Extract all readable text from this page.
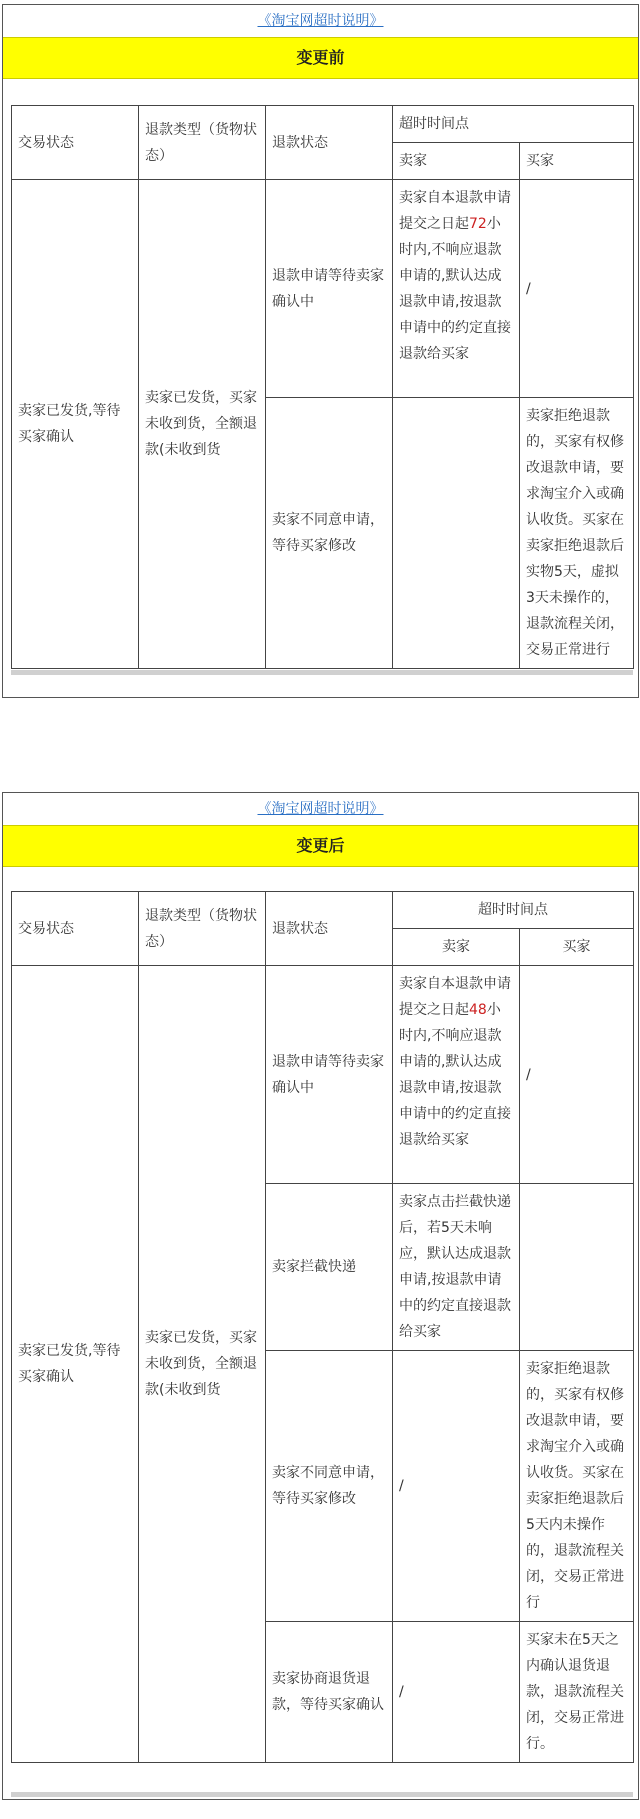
《淘宝网超时说明》
变更前
交易状态	退款类型（货物状态）	退款状态	超时时间点	
			卖家	买家
卖家已发货,等待买家确认	卖家已发货，买家未收到货，全额退款(未收到货	退款申请等待卖家确认中	卖家自本退款申请提交之日起72小时内,不响应退款申请的,默认达成退款申请,按退款申请中的约定直接退款给买家	/
		卖家不同意申请，等待买家修改		卖家拒绝退款的，买家有权修改退款申请，要求淘宝介入或确认收货。买家在卖家拒绝退款后实物5天，虚拟3天未操作的，退款流程关闭，交易正常进行
《淘宝网超时说明》
变更后
交易状态	退款类型（货物状态）	退款状态	超时时间点	
			卖家	买家
卖家已发货,等待买家确认	卖家已发货，买家未收到货，全额退款(未收到货	退款申请等待卖家确认中	卖家自本退款申请提交之日起48小时内,不响应退款申请的,默认达成退款申请,按退款申请中的约定直接退款给买家	/
		卖家拦截快递	卖家点击拦截快递后，若5天未响应，默认达成退款申请,按退款申请中的约定直接退款给买家	
		卖家不同意申请，等待买家修改	/	卖家拒绝退款的，买家有权修改退款申请，要求淘宝介入或确认收货。买家在卖家拒绝退款后5天内未操作的，退款流程关闭，交易正常进行
		卖家协商退货退款，等待买家确认	/	买家未在5天之内确认退货退款，退款流程关闭，交易正常进行。
